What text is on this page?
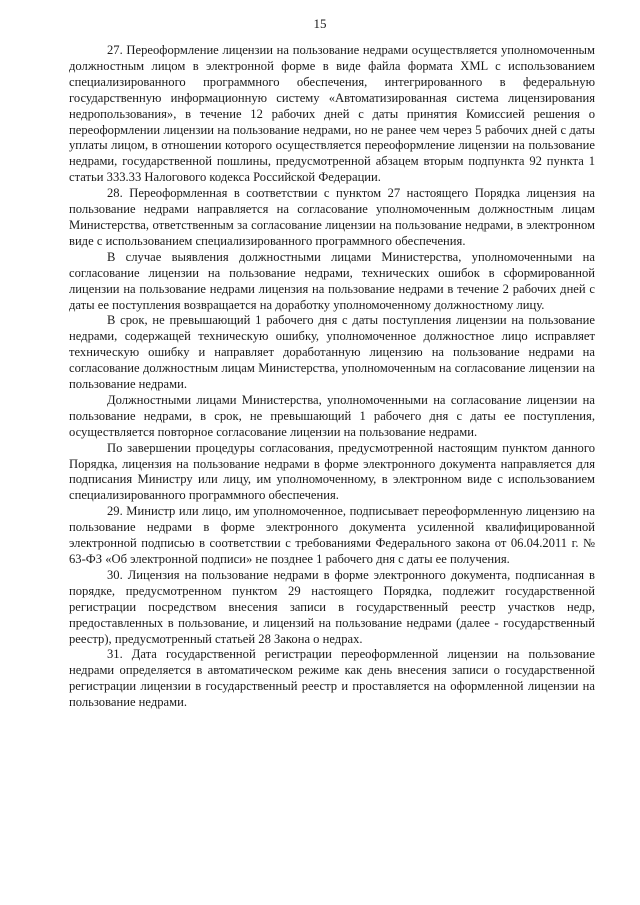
15

27. Переоформление лицензии на пользование недрами осуществляется уполномоченным должностным лицом в электронной форме в виде файла формата XML с использованием специализированного программного обеспечения, интегрированного в федеральную государственную информационную систему «Автоматизированная система лицензирования недропользования», в течение 12 рабочих дней с даты принятия Комиссией решения о переоформлении лицензии на пользование недрами, но не ранее чем через 5 рабочих дней с даты уплаты лицом, в отношении которого осуществляется переоформление лицензии на пользование недрами, государственной пошлины, предусмотренной абзацем вторым подпункта 92 пункта 1 статьи 333.33 Налогового кодекса Российской Федерации.

28. Переоформленная в соответствии с пунктом 27 настоящего Порядка лицензия на пользование недрами направляется на согласование уполномоченным должностным лицам Министерства, ответственным за согласование лицензии на пользование недрами, в электронном виде с использованием специализированного программного обеспечения.

В случае выявления должностными лицами Министерства, уполномоченными на согласование лицензии на пользование недрами, технических ошибок в сформированной лицензии на пользование недрами лицензия на пользование недрами в течение 2 рабочих дней с даты ее поступления возвращается на доработку уполномоченному должностному лицу.

В срок, не превышающий 1 рабочего дня с даты поступления лицензии на пользование недрами, содержащей техническую ошибку, уполномоченное должностное лицо исправляет техническую ошибку и направляет доработанную лицензию на пользование недрами на согласование должностным лицам Министерства, уполномоченным на согласование лицензии на пользование недрами.

Должностными лицами Министерства, уполномоченными на согласование лицензии на пользование недрами, в срок, не превышающий 1 рабочего дня с даты ее поступления, осуществляется повторное согласование лицензии на пользование недрами.

По завершении процедуры согласования, предусмотренной настоящим пунктом данного Порядка, лицензия на пользование недрами в форме электронного документа направляется для подписания Министру или лицу, им уполномоченному, в электронном виде с использованием специализированного программного обеспечения.

29. Министр или лицо, им уполномоченное, подписывает переоформленную лицензию на пользование недрами в форме электронного документа усиленной квалифицированной электронной подписью в соответствии с требованиями Федерального закона от 06.04.2011 г. № 63-ФЗ «Об электронной подписи» не позднее 1 рабочего дня с даты ее получения.

30. Лицензия на пользование недрами в форме электронного документа, подписанная в порядке, предусмотренном пунктом 29 настоящего Порядка, подлежит государственной регистрации посредством внесения записи в государственный реестр участков недр, предоставленных в пользование, и лицензий на пользование недрами (далее - государственный реестр), предусмотренный статьей 28 Закона о недрах.

31. Дата государственной регистрации переоформленной лицензии на пользование недрами определяется в автоматическом режиме как день внесения записи о государственной регистрации лицензии в государственный реестр и проставляется на оформленной лицензии на пользование недрами.
